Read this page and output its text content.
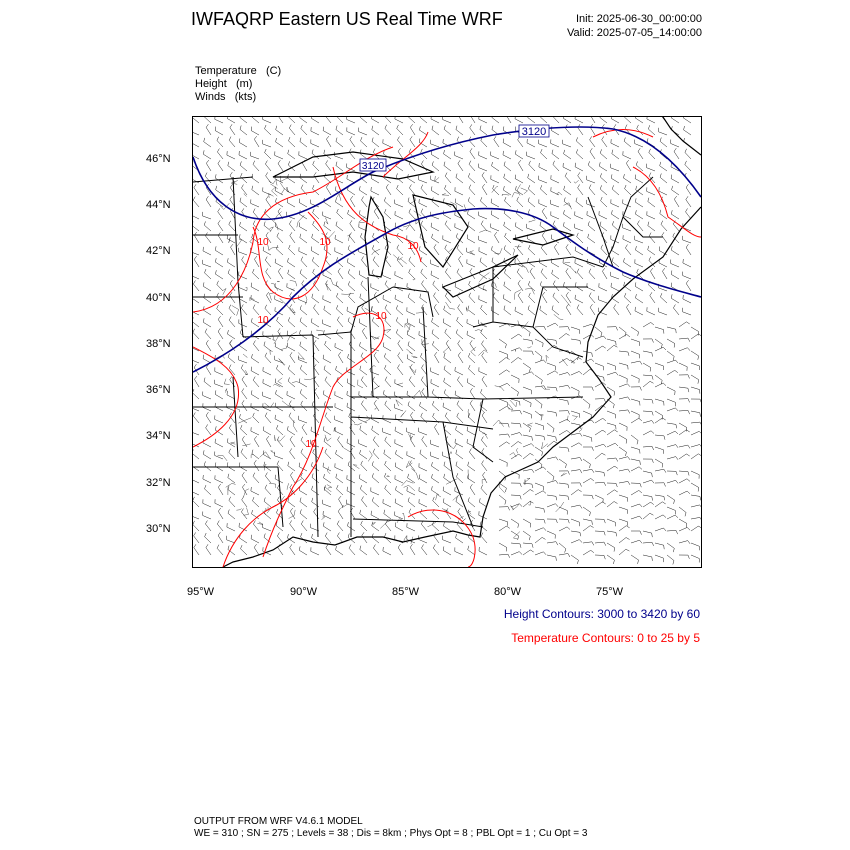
IWFAQRP Eastern US Real Time WRF	Init: 2025-06-30_00:00:00
Valid: 2025-07-05_14:00:00
Temperature (C)
Height (m)
Winds (kts)
3120
3120
10	10	10
10	10
10
46°N
44°N
42°N
40°N
38°N
36°N
34°N
32°N
30°N
95°W	90°W	85°W	80°W	75°W
Height Contours: 3000 to 3420 by 60
Temperature Contours: 0 to 25 by 5
OUTPUT FROM WRF V4.6.1 MODEL
WE = 310 ; SN = 275 ; Levels = 38 ; Dis = 8km ; Phys Opt = 8 ; PBL Opt = 1 ; Cu Opt = 3
